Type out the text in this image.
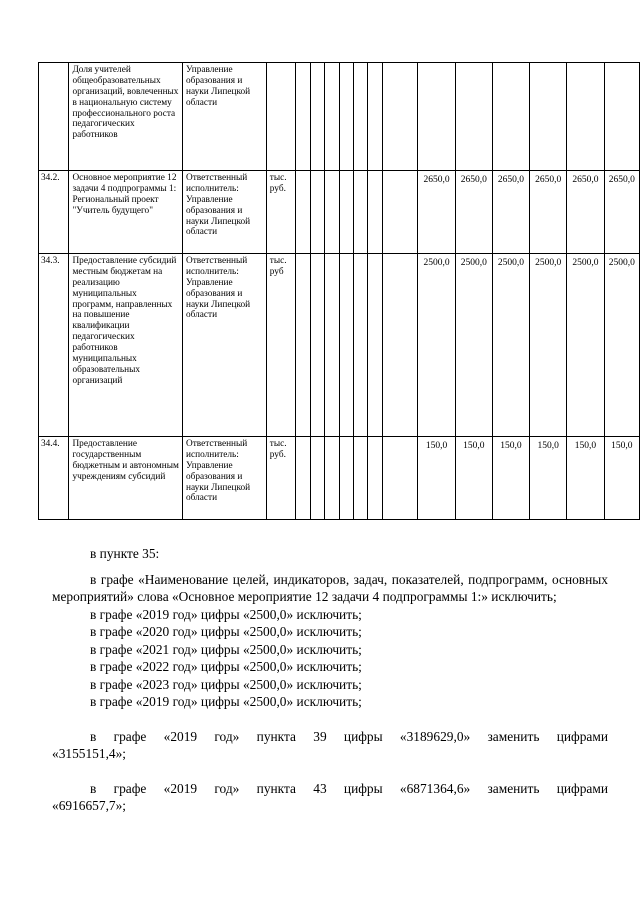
	Доля учителей общеобразовательных организаций, вовлеченных в национальную систему профессионального роста педагогических работников	Управление образования и науки Липецкой области														
34.2.	Основное мероприятие 12 задачи 4 подпрограммы 1: Региональный проект "Учитель будущего"	Ответственный исполнитель: Управление образования и науки Липецкой области	тыс. руб.								2650,0	2650,0	2650,0	2650,0	2650,0	2650,0
34.3.	Предоставление субсидий местным бюджетам на реализацию муниципальных программ, направленных на повышение квалификации педагогических работников муниципальных образовательных организаций	Ответственный исполнитель: Управление образования и науки Липецкой области	тыс. руб								2500,0	2500,0	2500,0	2500,0	2500,0	2500,0
34.4.	Предоставление государственным бюджетным и автономным учреждениям субсидий	Ответственный исполнитель: Управление образования и науки Липецкой области	тыс. руб.								150,0	150,0	150,0	150,0	150,0	150,0

в пункте 35:

в графе «Наименование целей, индикаторов, задач, показателей, подпрограмм, основных мероприятий» слова «Основное мероприятие 12 задачи 4 подпрограммы 1:» исключить;

в графе «2019 год» цифры «2500,0» исключить;

в графе «2020 год» цифры «2500,0» исключить;

в графе «2021 год» цифры «2500,0» исключить;

в графе «2022 год» цифры «2500,0» исключить;

в графе «2023 год» цифры «2500,0» исключить;

в графе «2019 год» цифры «2500,0» исключить;

в графе «2019 год» пункта 39 цифры «3189629,0» заменить цифрами

«3155151,4»;

в графе «2019 год» пункта 43 цифры «6871364,6» заменить цифрами

«6916657,7»;
